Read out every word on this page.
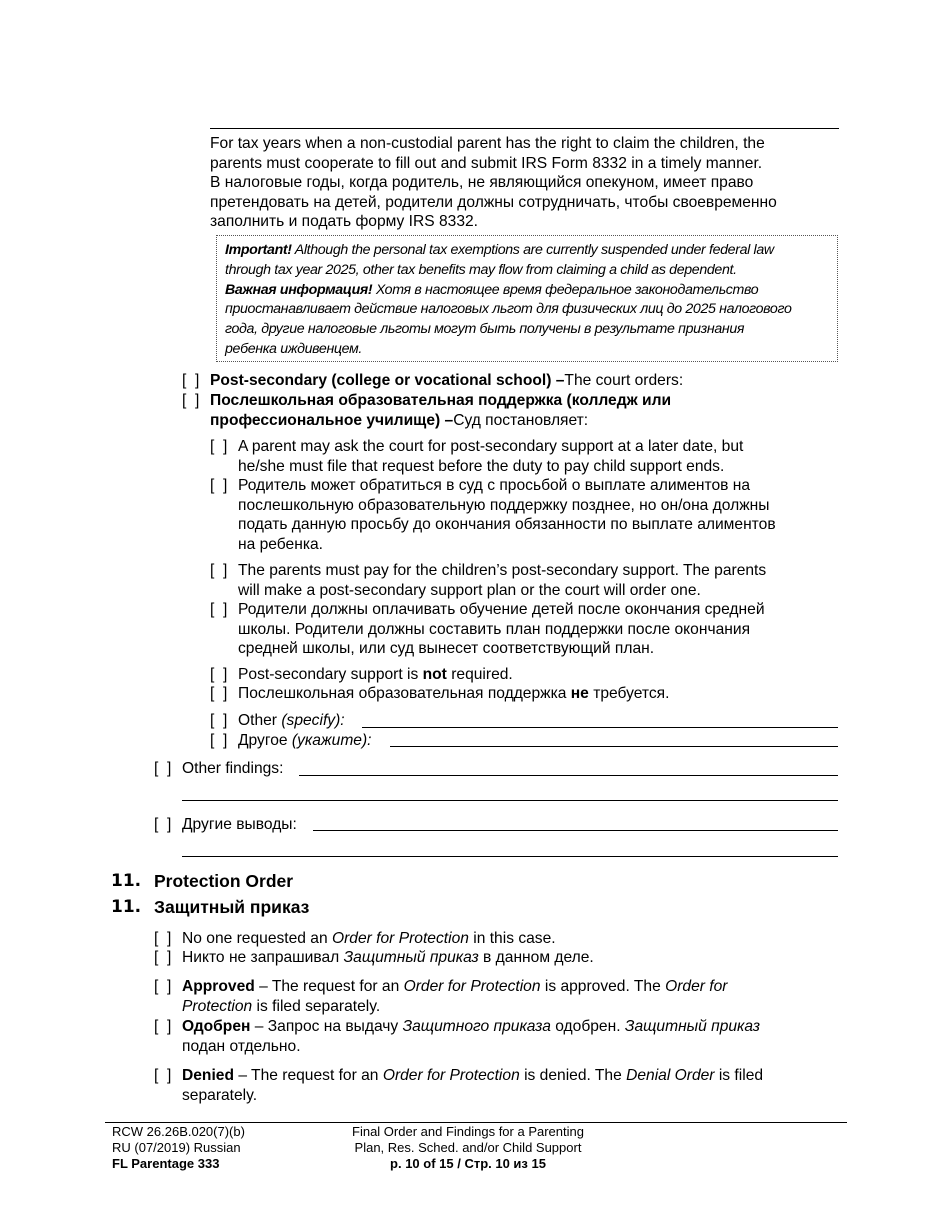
For tax years when a non-custodial parent has the right to claim the children, the
parents must cooperate to fill out and submit IRS Form 8332 in a timely manner.
В налоговые годы, когда родитель, не являющийся опекуном, имеет право
претендовать на детей, родители должны сотрудничать, чтобы своевременно
заполнить и подать форму IRS 8332.
Important! Although the personal tax exemptions are currently suspended under federal law
through tax year 2025, other tax benefits may flow from claiming a child as dependent.
Важная информация! Хотя в настоящее время федеральное законодательство
приостанавливает действие налоговых льгот для физических лиц до 2025 налогового
года, другие налоговые льготы могут быть получены в результате признания
ребенка иждивенцем.
[  ] Post-secondary (college or vocational school) –The court orders:
[  ] Послешкольная образовательная поддержка (колледж или
профессиональное училище) –Суд постановляет:
[  ] A parent may ask the court for post-secondary support at a later date, but
he/she must file that request before the duty to pay child support ends.
[  ] Родитель может обратиться в суд с просьбой о выплате алиментов на
послешкольную образовательную поддержку позднее, но он/она должны
подать данную просьбу до окончания обязанности по выплате алиментов
на ребенка.
[  ] The parents must pay for the children’s post-secondary support. The parents
will make a post-secondary support plan or the court will order one.
[  ] Родители должны оплачивать обучение детей после окончания средней
школы. Родители должны составить план поддержки после окончания
средней школы, или суд вынесет соответствующий план.
[  ] Post-secondary support is not required.
[  ] Послешкольная образовательная поддержка не требуется.
[  ] Other (specify):
[  ] Другое (укажите):
[  ] Other findings:
[  ] Другие выводы:
11. Protection Order
11. Защитный приказ
[  ] No one requested an Order for Protection in this case.
[  ] Никто не запрашивал Защитный приказ в данном деле.
[  ] Approved – The request for an Order for Protection is approved. The Order for
Protection is filed separately.
[  ] Одобрен – Запрос на выдачу Защитного приказа одобрен. Защитный приказ
подан отдельно.
[  ] Denied – The request for an Order for Protection is denied. The Denial Order is filed
separately.
RCW 26.26B.020(7)(b)
RU (07/2019) Russian
FL Parentage 333
Final Order and Findings for a Parenting
Plan, Res. Sched. and/or Child Support
p. 10 of 15 / Стр. 10 из 15
